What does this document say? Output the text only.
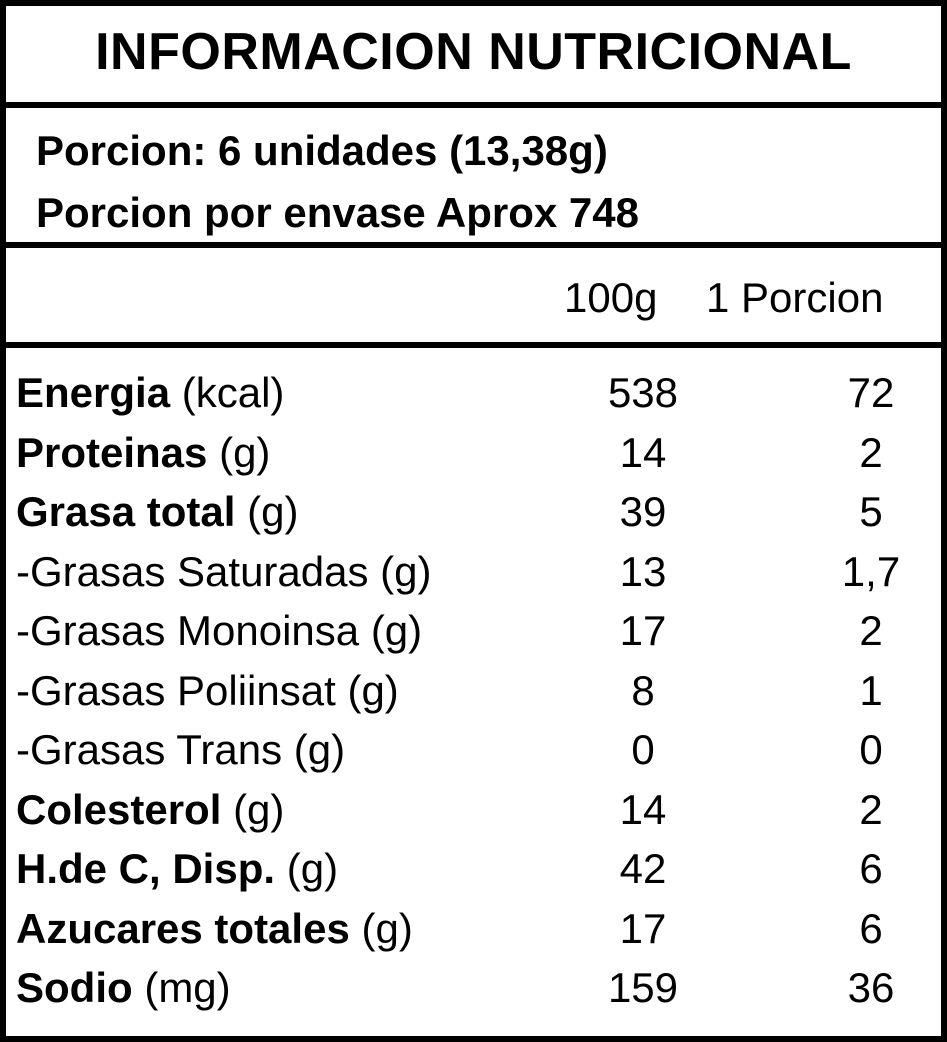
INFORMACION NUTRICIONAL
Porcion: 6 unidades (13,38g)
Porcion por envase Aprox 748
100g 1 Porcion
Energia (kcal)	538	72
Proteinas (g)	14	2
Grasa total (g)	39	5
-Grasas Saturadas (g)	13	1,7
-Grasas Monoinsa (g)	17	2
-Grasas Poliinsat (g)	8	1
-Grasas Trans (g)	0	0
Colesterol (g)	14	2
H.de C, Disp. (g)	42	6
Azucares totales (g)	17	6
Sodio (mg)	159	36
